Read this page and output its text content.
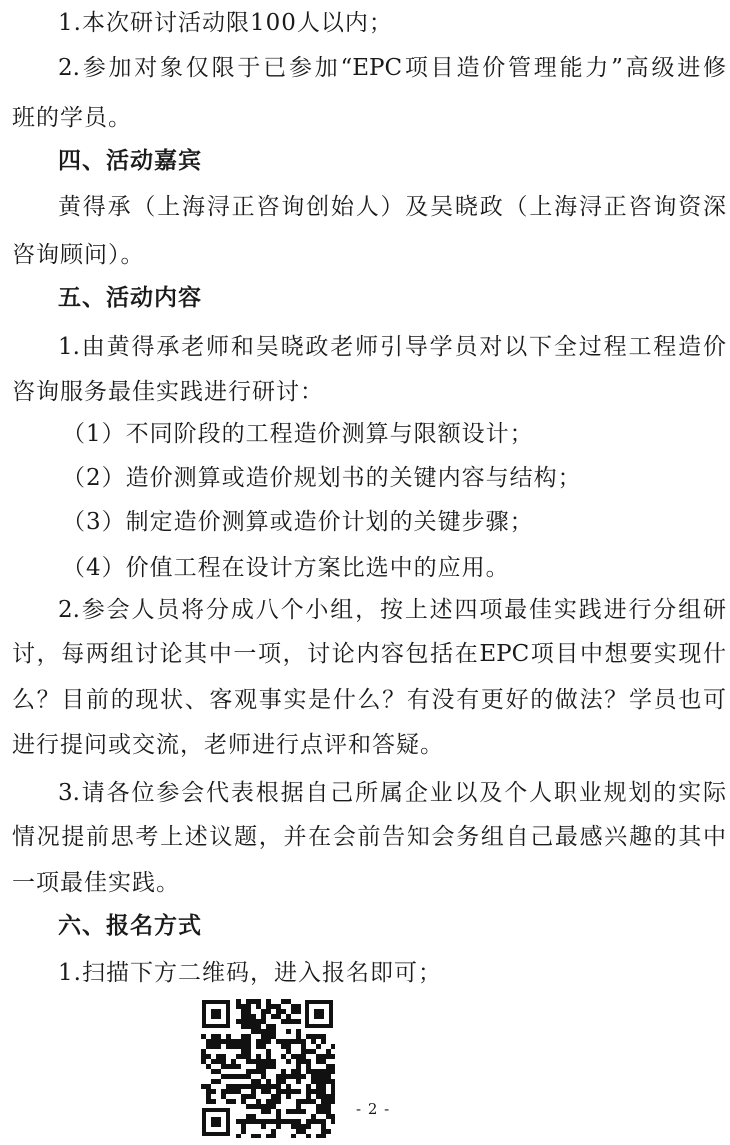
1.本次研讨活动限100人以内；
2.参加对象仅限于已参加“EPC项目造价管理能力”高级进修
班的学员。
四、活动嘉宾
黄得承（上海浔正咨询创始人）及吴晓政（上海浔正咨询资深
咨询顾问）。
五、活动内容
1.由黄得承老师和吴晓政老师引导学员对以下全过程工程造价
咨询服务最佳实践进行研讨：
（1）不同阶段的工程造价测算与限额设计；
（2）造价测算或造价规划书的关键内容与结构；
（3）制定造价测算或造价计划的关键步骤；
（4）价值工程在设计方案比选中的应用。
2.参会人员将分成八个小组，按上述四项最佳实践进行分组研
讨，每两组讨论其中一项，讨论内容包括在EPC项目中想要实现什
么？目前的现状、客观事实是什么？有没有更好的做法？学员也可
进行提问或交流，老师进行点评和答疑。
3.请各位参会代表根据自己所属企业以及个人职业规划的实际
情况提前思考上述议题，并在会前告知会务组自己最感兴趣的其中
一项最佳实践。
六、报名方式
1.扫描下方二维码，进入报名即可；
- 2 -
